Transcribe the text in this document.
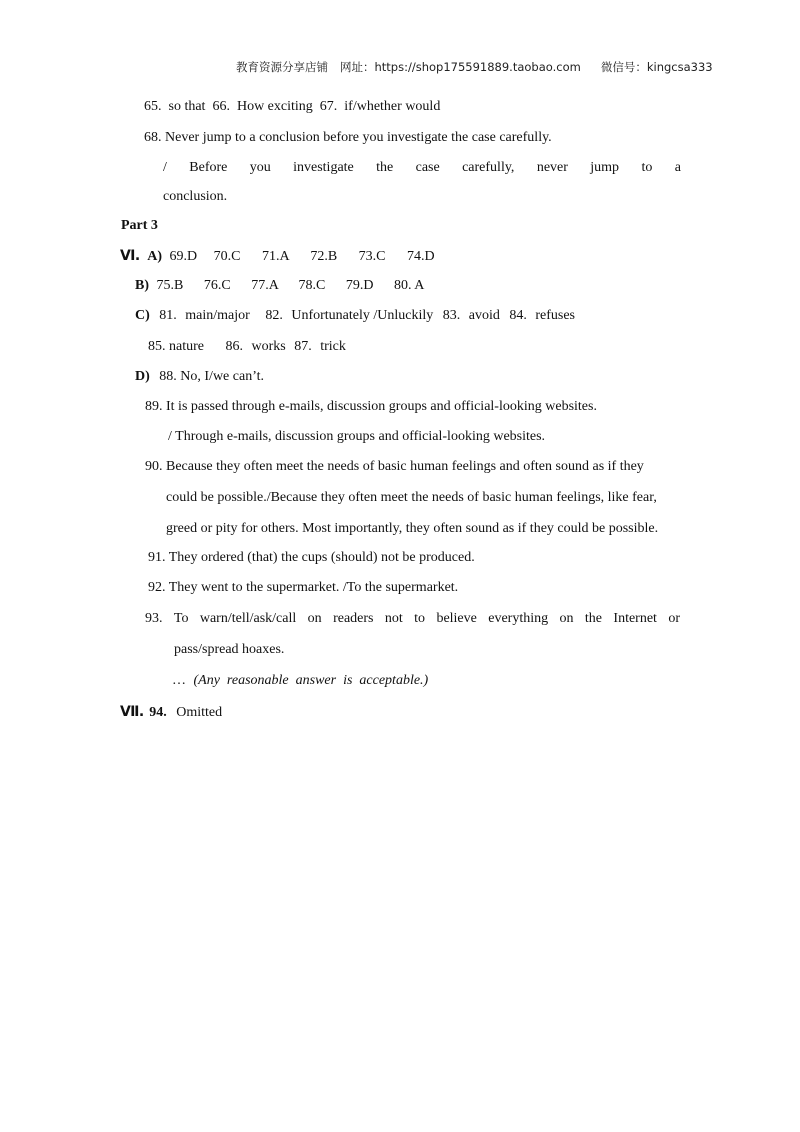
教育资源分享店铺 网址：https://shop175591889.taobao.com 微信号：kingcsa333
65. so that 66. How exciting 67. if/whether would
68. Never jump to a conclusion before you investigate the case carefully.
/ Before you investigate the case carefully, never jump to a
conclusion.
Part 3
Ⅵ. A) 69.D 70.C 71.A 72.B 73.C 74.D
B) 75.B 76.C 77.A 78.C 79.D 80. A
C) 81. main/major 82. Unfortunately /Unluckily 83. avoid 84. refuses
85. nature 86. works 87. trick
D) 88. No, I/we can’t.
89. It is passed through e-mails, discussion groups and official-looking websites.
/ Through e-mails, discussion groups and official-looking websites.
90. Because they often meet the needs of basic human feelings and often sound as if they
could be possible./Because they often meet the needs of basic human feelings, like fear,
greed or pity for others. Most importantly, they often sound as if they could be possible.
91. They ordered (that) the cups (should) not be produced.
92. They went to the supermarket. /To the supermarket.
93. To warn/tell/ask/call on readers not to believe everything on the Internet or
pass/spread hoaxes.
… (Any  reasonable  answer  is  acceptable.)
Ⅶ. 94. Omitted
